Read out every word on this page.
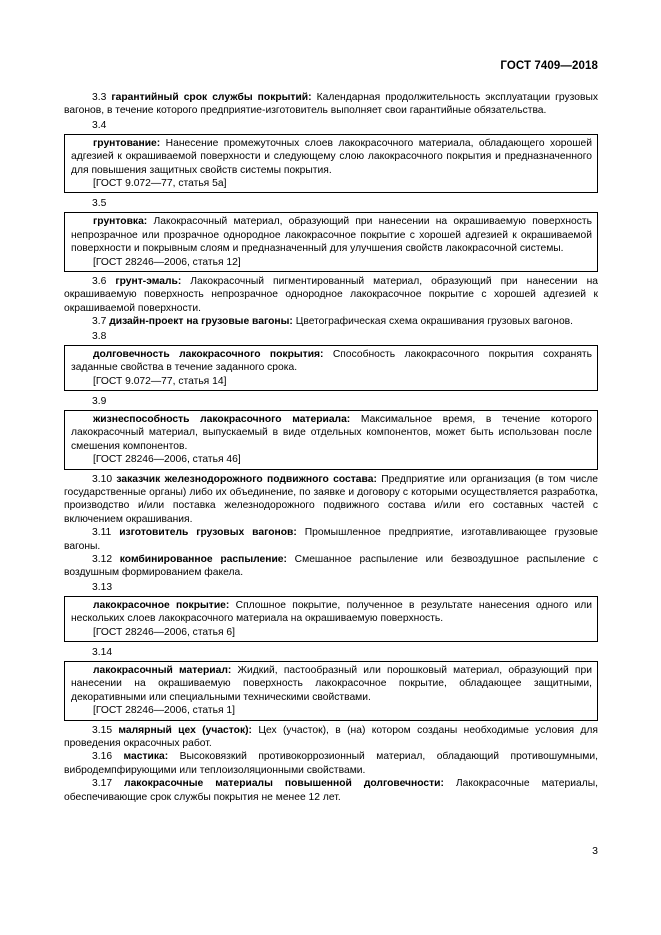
ГОСТ 7409—2018

3.3 гарантийный срок службы покрытий: Календарная продолжительность эксплуатации грузовых вагонов, в течение которого предприятие-изготовитель выполняет свои гарантийные обязательства.

3.4

грунтование: Нанесение промежуточных слоев лакокрасочного материала, обладающего хорошей адгезией к окрашиваемой поверхности и следующему слою лакокрасочного покрытия и предназначенного для повышения защитных свойств системы покрытия.

[ГОСТ 9.072—77, статья 5а]
3.5

грунтовка: Лакокрасочный материал, образующий при нанесении на окрашиваемую поверхность непрозрачное или прозрачное однородное лакокрасочное покрытие с хорошей адгезией к окрашиваемой поверхности и покрывным слоям и предназначенный для улучшения свойств лакокрасочной системы.

[ГОСТ 28246—2006, статья 12]

3.6 грунт-эмаль: Лакокрасочный пигментированный материал, образующий при нанесении на окрашиваемую поверхность непрозрачное однородное лакокрасочное покрытие с хорошей адгезией к окрашиваемой поверхности.

3.7 дизайн-проект на грузовые вагоны: Цветографическая схема окрашивания грузовых вагонов.

3.8

долговечность лакокрасочного покрытия: Способность лакокрасочного покрытия сохранять заданные свойства в течение заданного срока.

[ГОСТ 9.072—77, статья 14]
3.9

жизнеспособность лакокрасочного материала: Максимальное время, в течение которого лакокрасочный материал, выпускаемый в виде отдельных компонентов, может быть использован после смешения компонентов.

[ГОСТ 28246—2006, статья 46]

3.10 заказчик железнодорожного подвижного состава: Предприятие или организация (в том числе государственные органы) либо их объединение, по заявке и договору с которыми осуществляется разработка, производство и/или поставка железнодорожного подвижного состава и/или его составных частей с включением окрашивания.

3.11 изготовитель грузовых вагонов: Промышленное предприятие, изготавливающее грузовые вагоны.

3.12 комбинированное распыление: Смешанное распыление или безвоздушное распыление с воздушным формированием факела.

3.13

лакокрасочное покрытие: Сплошное покрытие, полученное в результате нанесения одного или нескольких слоев лакокрасочного материала на окрашиваемую поверхность.

[ГОСТ 28246—2006, статья 6]
3.14

лакокрасочный материал: Жидкий, пастообразный или порошковый материал, образующий при нанесении на окрашиваемую поверхность лакокрасочное покрытие, обладающее защитными, декоративными или специальными техническими свойствами.

[ГОСТ 28246—2006, статья 1]

3.15 малярный цех (участок): Цех (участок), в (на) котором созданы необходимые условия для проведения окрасочных работ.

3.16 мастика: Высоковязкий противокоррозионный материал, обладающий противошумными, вибродемпфирующими или теплоизоляционными свойствами.

3.17 лакокрасочные материалы повышенной долговечности: Лакокрасочные материалы, обеспечивающие срок службы покрытия не менее 12 лет.

3
